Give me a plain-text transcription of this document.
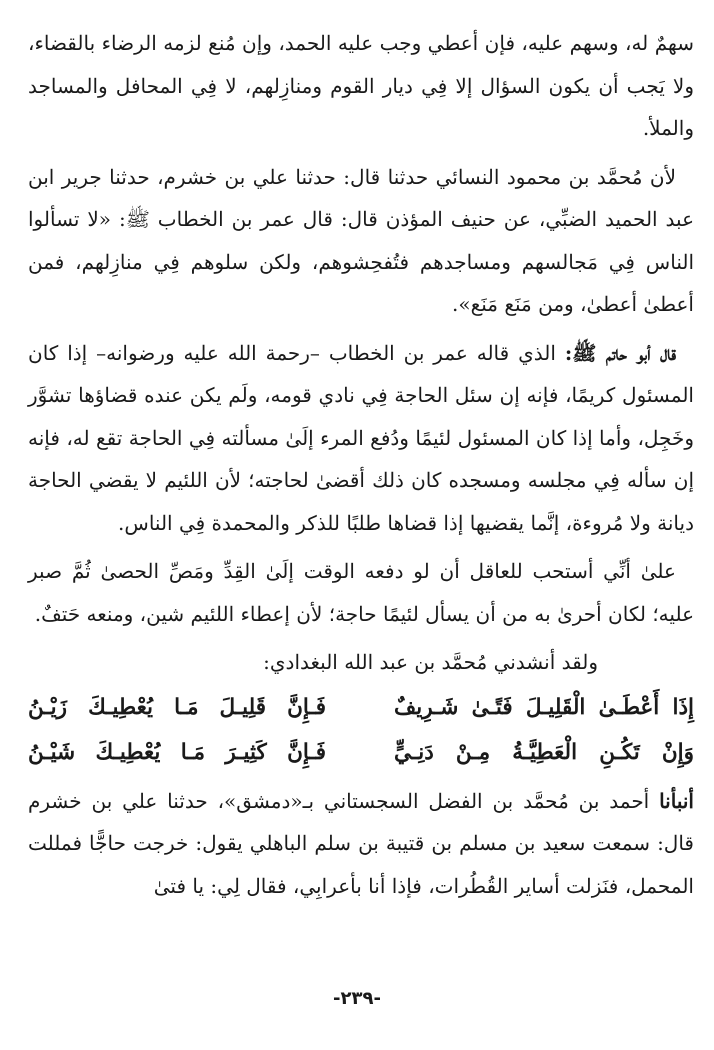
سهمٌ له، وسهم عليه، فإن أعطي وجب عليه الحمد، وإن مُنع لزمه الرضاء بالقضاء، ولا يَجب أن يكون السؤال إلا فِي ديار القوم ومنازِلهم، لا فِي المحافل والمساجد والملأ.

لأن مُحمَّد بن محمود النسائي حدثنا قال: حدثنا علي بن خشرم، حدثنا جرير ابن عبد الحميد الضبِّي، عن حنيف المؤذن قال: قال عمر بن الخطاب ﷺ: «لا تسألوا الناس فِي مَجالسهم ومساجدهم فتُفحِشوهم، ولكن سلوهم فِي منازِلهم، فمن أعطىٰ أعطىٰ، ومن مَنَع مَنَع».

قال أبو حاتم ﷺ: الذي قاله عمر بن الخطاب –رحمة الله عليه ورضوانه– إذا كان المسئول كريمًا، فإنه إن سئل الحاجة فِي نادي قومه، ولَم يكن عنده قضاؤها تشوَّر وخَجِل، وأما إذا كان المسئول لئيمًا ودُفع المرء إلَىٰ مسألته فِي الحاجة تقع له، فإنه إن سأله فِي مجلسه ومسجده كان ذلك أقضىٰ لحاجته؛ لأن اللئيم لا يقضي الحاجة ديانة ولا مُروءة، إنَّما يقضيها إذا قضاها طلبًا للذكر والمحمدة فِي الناس.

علىٰ أنِّي أستحب للعاقل أن لو دفعه الوقت إلَىٰ القِدِّ ومَصِّ الحصىٰ ثُمَّ صبر عليه؛ لكان أحرىٰ به من أن يسأل لئيمًا حاجة؛ لأن إعطاء اللئيم شين، ومنعه حَتفٌ.

ولقد أنشدني مُحمَّد بن عبد الله البغدادي:

إِذَا أَعْطَـىٰ الْقَلِيـلَ فَتًـىٰ شَـرِيفٌ
فَـإِنَّ قَلِيـلَ مَـا يُعْطِيـكَ زَيْـنُ
وَإِنْ تَكُـنِ الْعَطِيَّـةُ مِـنْ دَنِـيٍّ
فَـإِنَّ كَثِيـرَ مَـا يُعْطِيـكَ شَيْـنُ

أنبأنا أحمد بن مُحمَّد بن الفضل السجستاني بـ«دمشق»، حدثنا علي بن خشرم قال: سمعت سعيد بن مسلم بن قتيبة بن سلم الباهلي يقول: خرجت حاجًّا فمللت المحمل، فنَزلت أساير القُطُرات، فإذا أنا بأعرابِي، فقال لِي: يا فتىٰ

-٢٣٩-
